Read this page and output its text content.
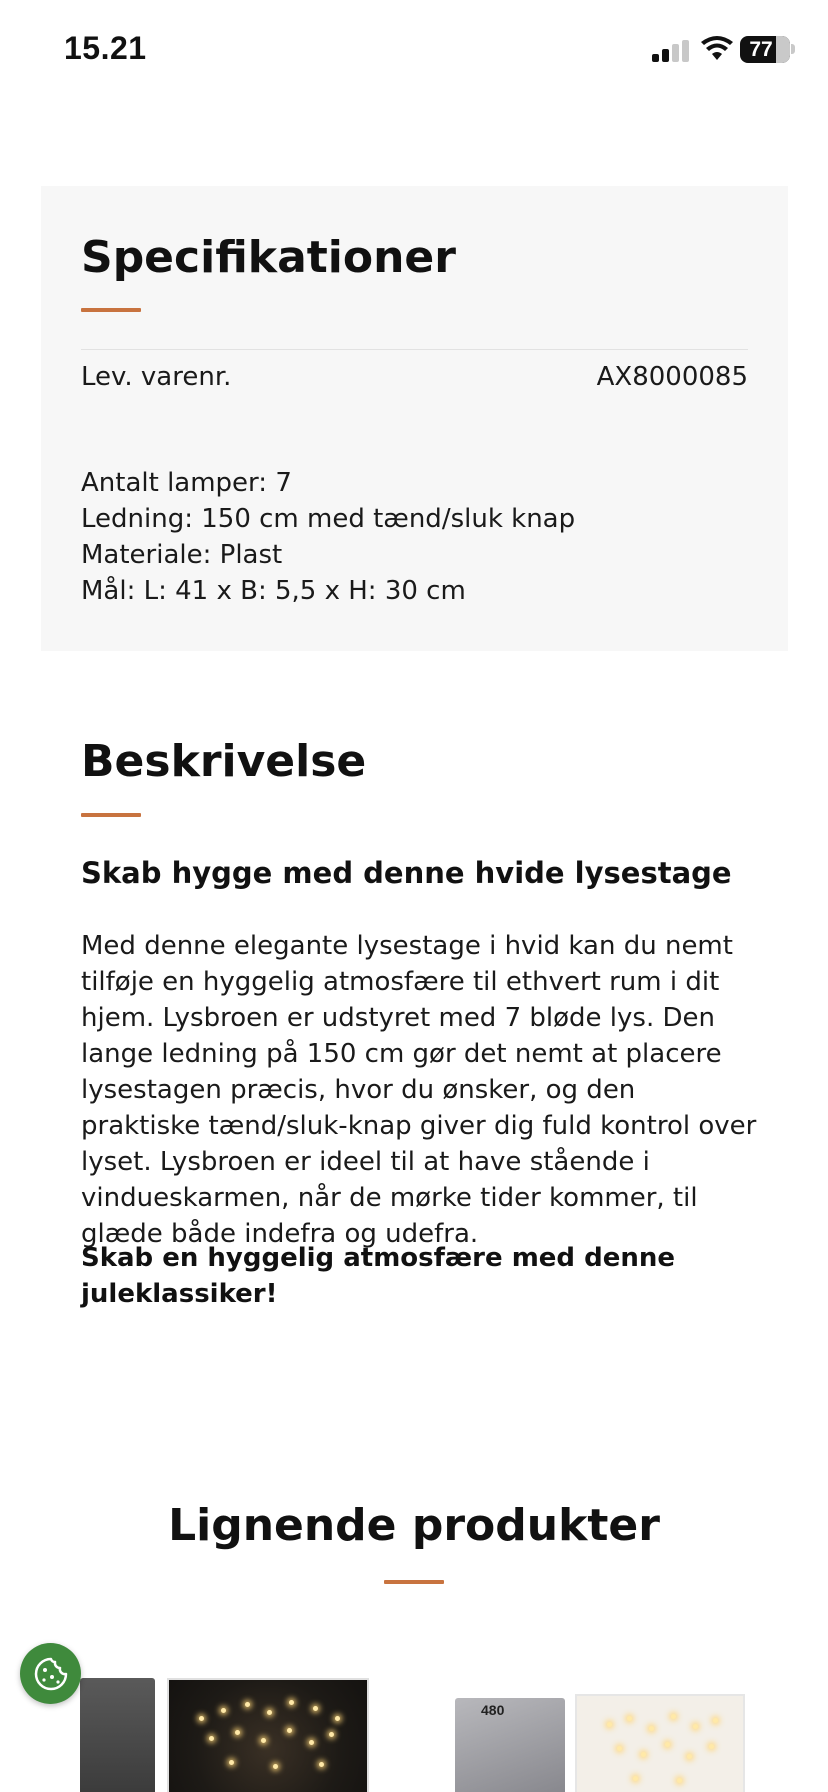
15.21	77
Specifikationer
Lev. varenr.	AX8000085
Antalt lamper: 7
Ledning: 150 cm med tænd/sluk knap
Materiale: Plast
Mål: L: 41 x B: 5,5 x H: 30 cm
Beskrivelse
Skab hygge med denne hvide lysestage

Med denne elegante lysestage i hvid kan du nemt tilføje en hyggelig atmosfære til ethvert rum i dit hjem. Lysbroen er udstyret med 7 bløde lys. Den lange ledning på 150 cm gør det nemt at placere lysestagen præcis, hvor du ønsker, og den praktiske tænd/sluk-knap giver dig fuld kontrol over lyset. Lysbroen er ideel til at have stående i vindueskarmen, når de mørke tider kommer, til glæde både indefra og udefra.

Skab en hyggelig atmosfære med denne juleklassiker!

Lignende produkter
480
